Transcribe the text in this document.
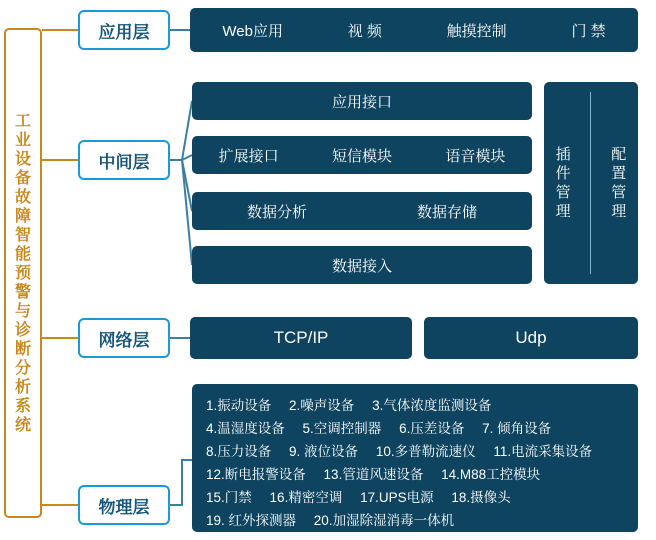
工业设备故障智能预警与诊断分析系统
应用层
中间层
网络层
物理层
Web应用	视 频	触摸控制	门 禁
应用接口
扩展接口	短信模块	语音模块
数据分析	数据存储
数据接入
插件管理
配置管理
TCP/IP	Udp
1.振动设备 2.噪声设备 3.气体浓度监测设备
4.温湿度设备 5.空调控制器 6.压差设备 7. 倾角设备
8.压力设备 9. 液位设备 10.多普勒流速仪 11.电流采集设备
12.断电报警设备 13.管道风速设备 14.M88工控模块
15.门禁 16.精密空调 17.UPS电源 18.摄像头
19. 红外探测器 20.加湿除湿消毒一体机
